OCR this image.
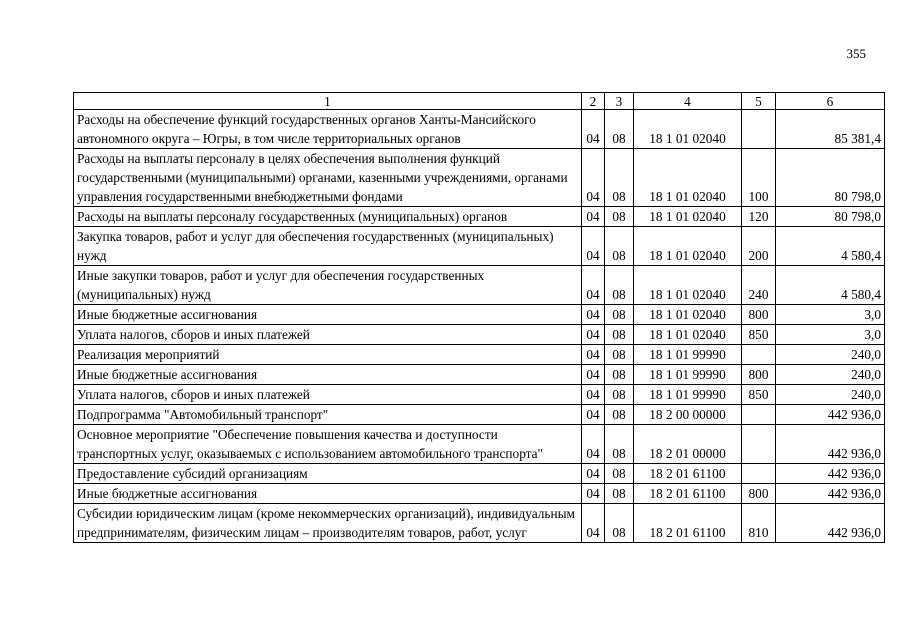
355
1	2	3	4	5	6
Расходы на обеспечение функций государственных органов Ханты-Мансийского автономного округа – Югры, в том числе территориальных органов	04	08	18 1 01 02040		85 381,4
Расходы на выплаты персоналу в целях обеспечения выполнения функций государственными (муниципальными) органами, казенными учреждениями, органами управления государственными внебюджетными фондами	04	08	18 1 01 02040	100	80 798,0
Расходы на выплаты персоналу государственных (муниципальных) органов	04	08	18 1 01 02040	120	80 798,0
Закупка товаров, работ и услуг для обеспечения государственных (муниципальных) нужд	04	08	18 1 01 02040	200	4 580,4
Иные закупки товаров, работ и услуг для обеспечения государственных (муниципальных) нужд	04	08	18 1 01 02040	240	4 580,4
Иные бюджетные ассигнования	04	08	18 1 01 02040	800	3,0
Уплата налогов, сборов и иных платежей	04	08	18 1 01 02040	850	3,0
Реализация мероприятий	04	08	18 1 01 99990		240,0
Иные бюджетные ассигнования	04	08	18 1 01 99990	800	240,0
Уплата налогов, сборов и иных платежей	04	08	18 1 01 99990	850	240,0
Подпрограмма "Автомобильный транспорт"	04	08	18 2 00 00000		442 936,0
Основное мероприятие "Обеспечение повышения качества и доступности транспортных услуг, оказываемых с использованием автомобильного транспорта"	04	08	18 2 01 00000		442 936,0
Предоставление субсидий организациям	04	08	18 2 01 61100		442 936,0
Иные бюджетные ассигнования	04	08	18 2 01 61100	800	442 936,0
Субсидии юридическим лицам (кроме некоммерческих организаций), индивидуальным предпринимателям, физическим лицам – производителям товаров, работ, услуг	04	08	18 2 01 61100	810	442 936,0
